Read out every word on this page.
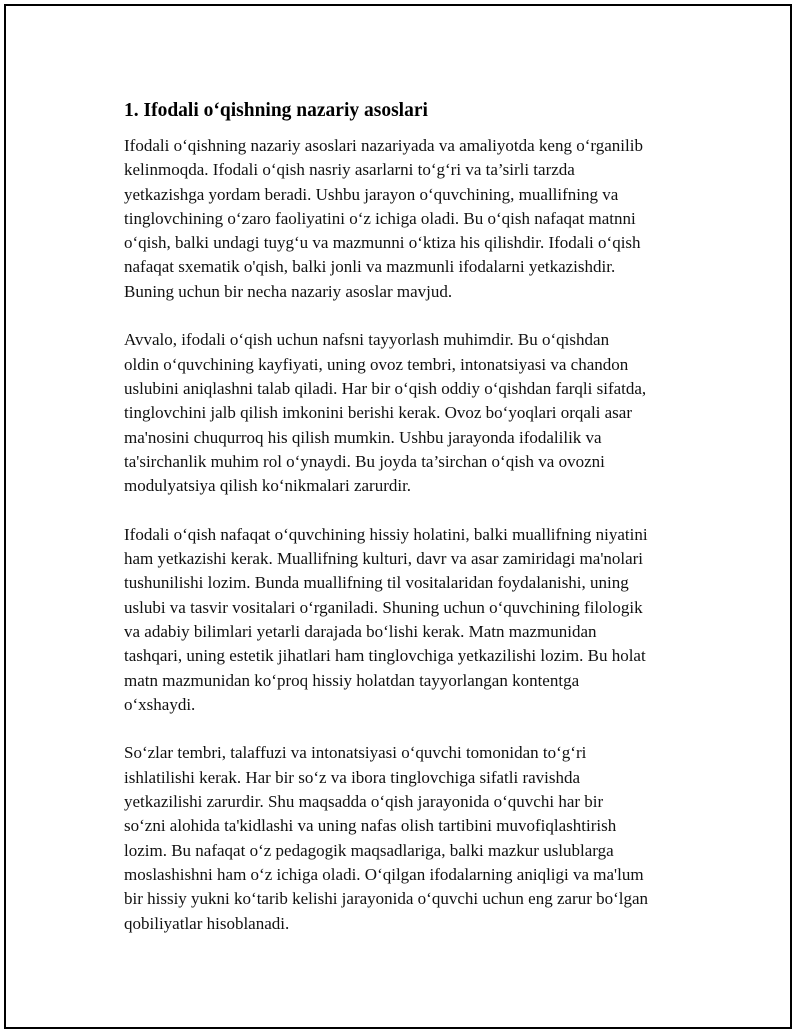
1. Ifodali o‘qishning nazariy asoslari
Ifodali o‘qishning nazariy asoslari nazariyada va amaliyotda keng o‘rganilib
kelinmoqda. Ifodali o‘qish nasriy asarlarni to‘g‘ri va ta’sirli tarzda
yetkazishga yordam beradi. Ushbu jarayon o‘quvchining, muallifning va
tinglovchining o‘zaro faoliyatini o‘z ichiga oladi. Bu o‘qish nafaqat matnni
o‘qish, balki undagi tuyg‘u va mazmunni o‘ktiza his qilishdir. Ifodali o‘qish
nafaqat sxematik o'qish, balki jonli va mazmunli ifodalarni yetkazishdir.
Buning uchun bir necha nazariy asoslar mavjud.
Avvalo, ifodali o‘qish uchun nafsni tayyorlash muhimdir. Bu o‘qishdan
oldin o‘quvchining kayfiyati, uning ovoz tembri, intonatsiyasi va chandon
uslubini aniqlashni talab qiladi. Har bir o‘qish oddiy o‘qishdan farqli sifatda,
tinglovchini jalb qilish imkonini berishi kerak. Ovoz bo‘yoqlari orqali asar
ma'nosini chuqurroq his qilish mumkin. Ushbu jarayonda ifodalilik va
ta'sirchanlik muhim rol o‘ynaydi. Bu joyda ta’sirchan o‘qish va ovozni
modulyatsiya qilish ko‘nikmalari zarurdir.
Ifodali o‘qish nafaqat o‘quvchining hissiy holatini, balki muallifning niyatini
ham yetkazishi kerak. Muallifning kulturi, davr va asar zamiridagi ma'nolari
tushunilishi lozim. Bunda muallifning til vositalaridan foydalanishi, uning
uslubi va tasvir vositalari o‘rganiladi. Shuning uchun o‘quvchining filologik
va adabiy bilimlari yetarli darajada bo‘lishi kerak. Matn mazmunidan
tashqari, uning estetik jihatlari ham tinglovchiga yetkazilishi lozim. Bu holat
matn mazmunidan ko‘proq hissiy holatdan tayyorlangan kontentga
o‘xshaydi.
So‘zlar tembri, talaffuzi va intonatsiyasi o‘quvchi tomonidan to‘g‘ri
ishlatilishi kerak. Har bir so‘z va ibora tinglovchiga sifatli ravishda
yetkazilishi zarurdir. Shu maqsadda o‘qish jarayonida o‘quvchi har bir
so‘zni alohida ta'kidlashi va uning nafas olish tartibini muvofiqlashtirish
lozim. Bu nafaqat o‘z pedagogik maqsadlariga, balki mazkur uslublarga
moslashishni ham o‘z ichiga oladi. O‘qilgan ifodalarning aniqligi va ma'lum
bir hissiy yukni ko‘tarib kelishi jarayonida o‘quvchi uchun eng zarur bo‘lgan
qobiliyatlar hisoblanadi.
